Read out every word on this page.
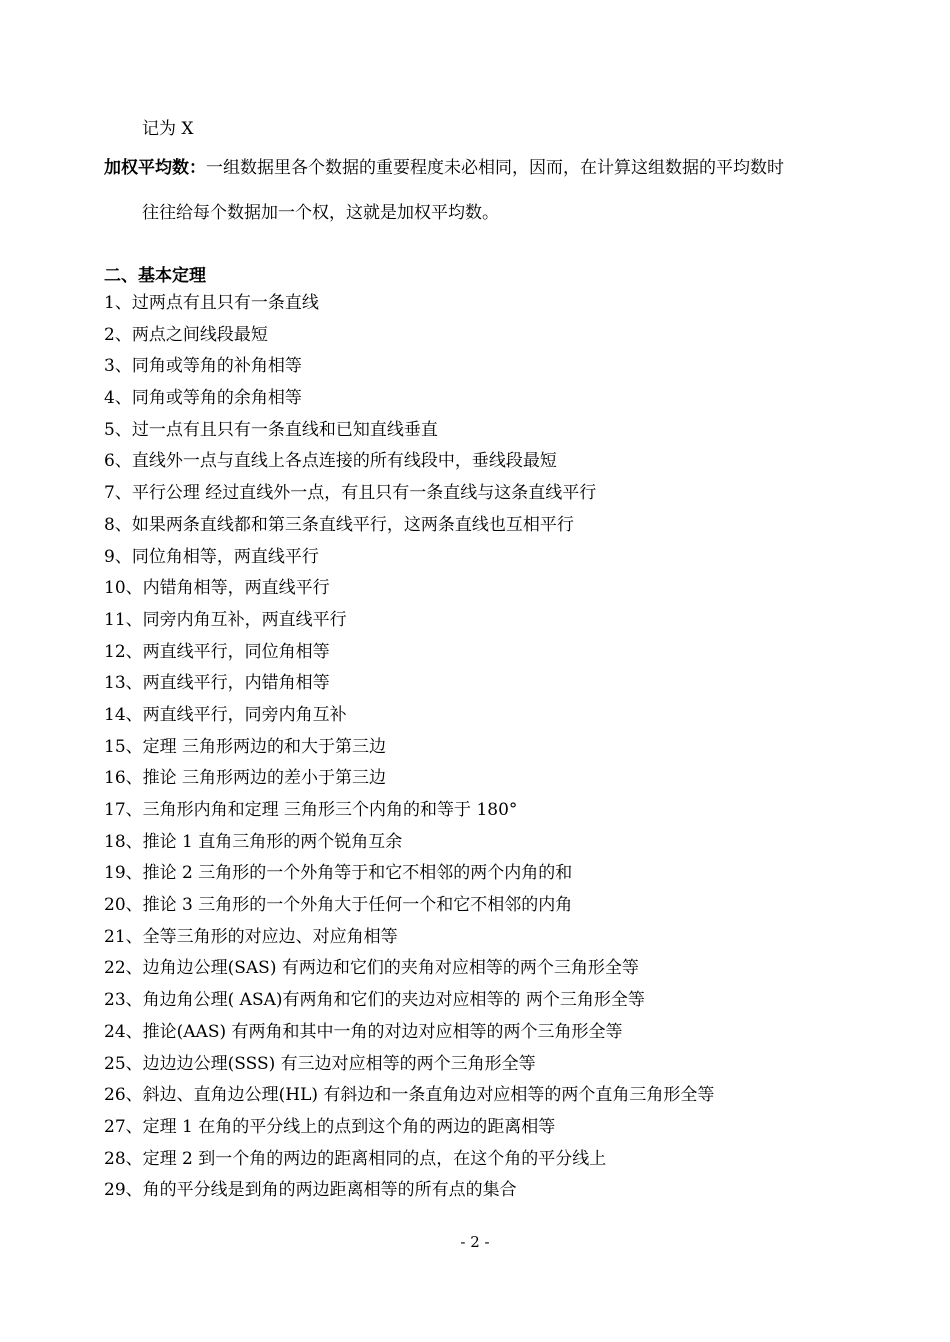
记为 X
加权平均数：一组数据里各个数据的重要程度未必相同，因而，在计算这组数据的平均数时
往往给每个数据加一个权，这就是加权平均数。
二、基本定理
1、过两点有且只有一条直线
2、两点之间线段最短
3、同角或等角的补角相等
4、同角或等角的余角相等
5、过一点有且只有一条直线和已知直线垂直
6、直线外一点与直线上各点连接的所有线段中，垂线段最短
7、平行公理 经过直线外一点，有且只有一条直线与这条直线平行
8、如果两条直线都和第三条直线平行，这两条直线也互相平行
9、同位角相等，两直线平行
10、内错角相等，两直线平行
11、同旁内角互补，两直线平行
12、两直线平行，同位角相等
13、两直线平行，内错角相等
14、两直线平行，同旁内角互补
15、定理 三角形两边的和大于第三边
16、推论 三角形两边的差小于第三边
17、三角形内角和定理 三角形三个内角的和等于 180°
18、推论 1 直角三角形的两个锐角互余
19、推论 2 三角形的一个外角等于和它不相邻的两个内角的和
20、推论 3 三角形的一个外角大于任何一个和它不相邻的内角
21、全等三角形的对应边、对应角相等
22、边角边公理(SAS) 有两边和它们的夹角对应相等的两个三角形全等
23、角边角公理( ASA)有两角和它们的夹边对应相等的 两个三角形全等
24、推论(AAS) 有两角和其中一角的对边对应相等的两个三角形全等
25、边边边公理(SSS) 有三边对应相等的两个三角形全等
26、斜边、直角边公理(HL) 有斜边和一条直角边对应相等的两个直角三角形全等
27、定理 1 在角的平分线上的点到这个角的两边的距离相等
28、定理 2 到一个角的两边的距离相同的点，在这个角的平分线上
29、角的平分线是到角的两边距离相等的所有点的集合
- 2 -
